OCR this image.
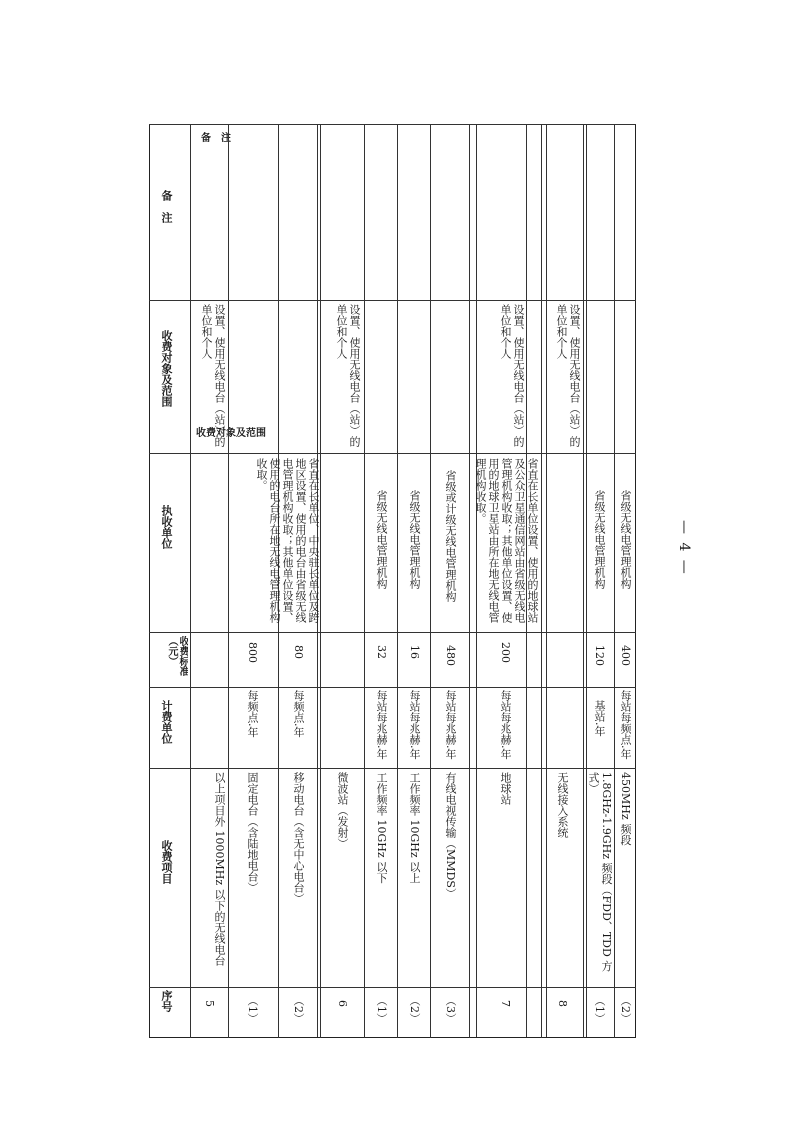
备　注
收费对象及范围
序号
收费项目
计费单位
收费标准（元）
执收单位
收费对象及范围
备　注
5
以上项目外 1000MHz 以下的无线电台
设置、使用无线电台（站）的单位和个人
（1）
固定电台（含陆地电台）
每频点.年
800
省直在长单位、中央驻长单位及跨地区设置、使用的电台由省级无线电管理机构收取；其他单位设置、使用的电台所在地无线电管理机构收取。
（2）
移动电台（含无中心电台）
每频点.年
80
6
微波站（发射）
设置、使用无线电台（站）的单位和个人
（1）
工作频率 10GHz 以下
每站每兆赫.年
32
省级无线电管理机构
（2）
工作频率 10GHz 以上
每站每兆赫.年
16
省级无线电管理机构
（3）
有线电视传输（MMDS）
每站每兆赫.年
480
省级或计级无线电管理机构
7
地球站
每站每兆赫.年
200
省直在长单位设置、使用的地球站及公众卫星通信网站由省级无线电管理机构收取；其他单位设置、使用的地球卫星站由所在地无线电管理机构收取。
设置、使用无线电台（站）的单位和个人
8
无线接入系统
设置、使用无线电台（站）的单位和个人
（1）
1.8GHz-1.9GHz 频段（FDD、TDD 方式）
基站.年
120
省级无线电管理机构
（2）
450MHz 频段
每站每频点.年
400
省级无线电管理机构	— 4 —
